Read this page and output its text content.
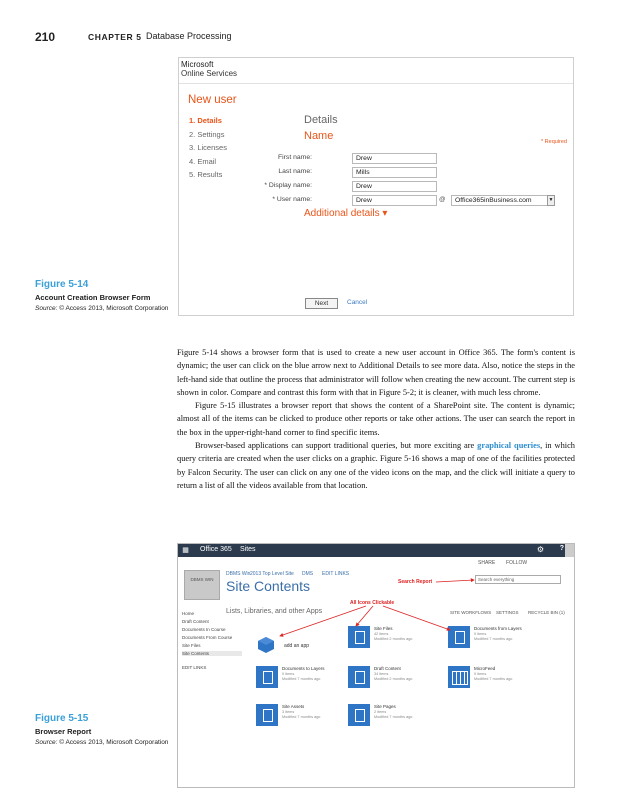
210	CHAPTER 5 Database Processing
Microsoft
Online Services
New user
1. Details
2. Settings
3. Licenses
4. Email
5. Results
Details
Name	* Required
First name:	Drew
Last name:	Mills
* Display name:	Drew
* User name:	Drew	@	Office365inBusiness.com	▼
Additional details ▾
Next	Cancel
Figure 5-14
Account Creation Browser Form
Source: © Access 2013, Microsoft Corporation

Figure 5-14 shows a browser form that is used to create a new user account in Office 365. The form's content is dynamic; the user can click on the blue arrow next to Additional Details to see more data. Also, notice the steps in the left-hand side that outline the process that administrator will follow when creating the new account. The current step is shown in color. Compare and contrast this form with that in Figure 5-2; it is cleaner, with much less chrome.

Figure 5-15 illustrates a browser report that shows the content of a SharePoint site. The content is dynamic; almost all of the items can be clicked to produce other reports or take other actions. The user can search the report in the box in the upper-right-hand corner to find specific items.

Browser-based applications can support traditional queries, but more exciting are graphical queries, in which query criteria are created when the user clicks on a graphic. Figure 5-16 shows a map of one of the facilities protected by Falcon Security. The user can click on any one of the video icons on the map, and the click will initiate a query to return a list of all the videos available from that location.

▦	Office 365 Sites	⚙ ?
SHARE FOLLOW
DBMS WIN
DBMS Win 2013 Top Level Site DMS EDIT LINKS
Site Contents	Search Report	Search everything
All Icons Clickable
Lists, Libraries, and other Apps	SITE WORKFLOWS SETTINGS RECYCLE BIN (1)
Home
Draft Content
Documents In Course
Documents From Course
Site Files
Site Contents
EDIT LINKS
add an app
Site Files
42 items
Modified 2 months ago
Documents from Layers
0 items
Modified 7 months ago
Documents to Layers
0 items
Modified 7 months ago
Draft Content
34 items
Modified 2 months ago
MicroFeed
0 items
Modified 7 months ago
Site Assets
3 items
Modified 7 months ago
Site Pages
2 items
Modified 7 months ago
Figure 5-15
Browser Report
Source: © Access 2013, Microsoft Corporation
